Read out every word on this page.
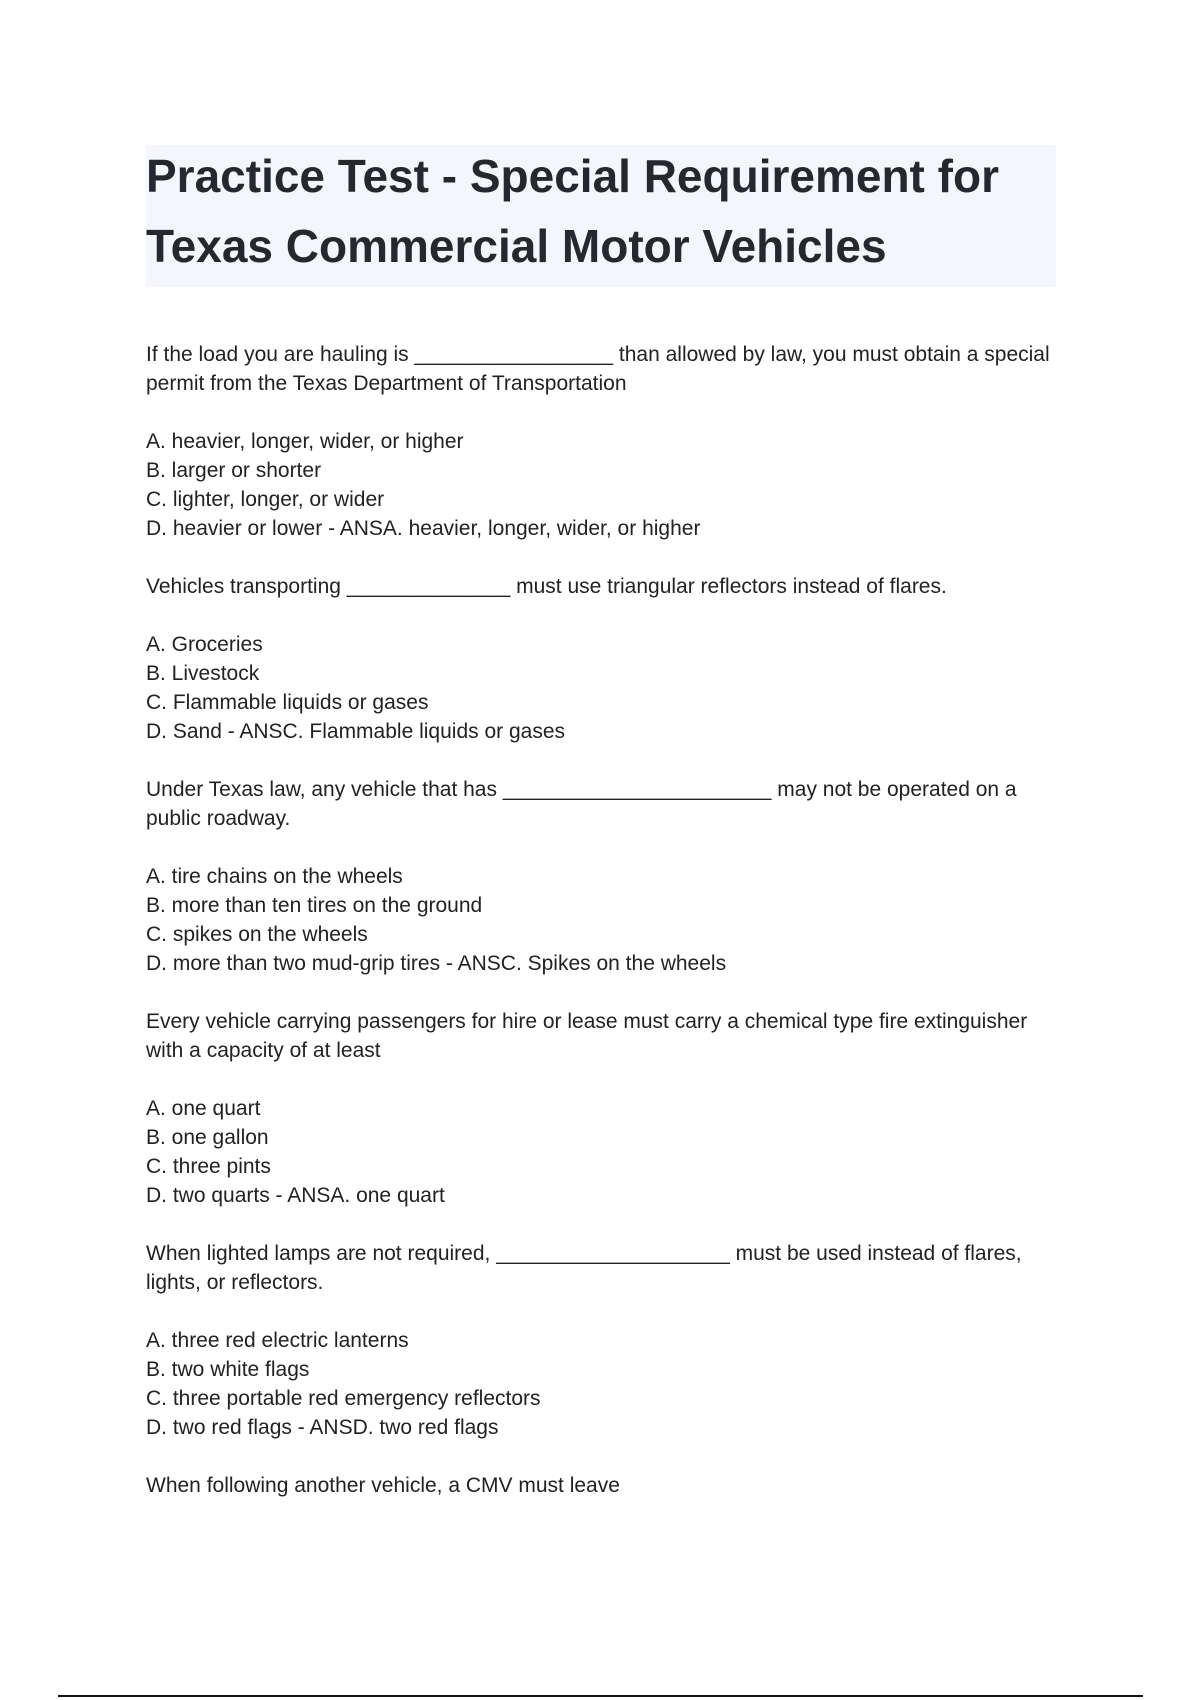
Practice Test - Special Requirement for
Texas Commercial Motor Vehicles

If the load you are hauling is _________________ than allowed by law, you must obtain a special permit from the Texas Department of Transportation

A. heavier, longer, wider, or higher
B. larger or shorter
C. lighter, longer, or wider
D. heavier or lower - ANSA. heavier, longer, wider, or higher

Vehicles transporting ______________ must use triangular reflectors instead of flares.

A. Groceries
B. Livestock
C. Flammable liquids or gases
D. Sand - ANSC. Flammable liquids or gases

Under Texas law, any vehicle that has _______________________ may not be operated on a public roadway.

A. tire chains on the wheels
B. more than ten tires on the ground
C. spikes on the wheels
D. more than two mud-grip tires - ANSC. Spikes on the wheels

Every vehicle carrying passengers for hire or lease must carry a chemical type fire extinguisher with a capacity of at least

A. one quart
B. one gallon
C. three pints
D. two quarts - ANSA. one quart

When lighted lamps are not required, ____________________ must be used instead of flares, lights, or reflectors.

A. three red electric lanterns
B. two white flags
C. three portable red emergency reflectors
D. two red flags - ANSD. two red flags

When following another vehicle, a CMV must leave
